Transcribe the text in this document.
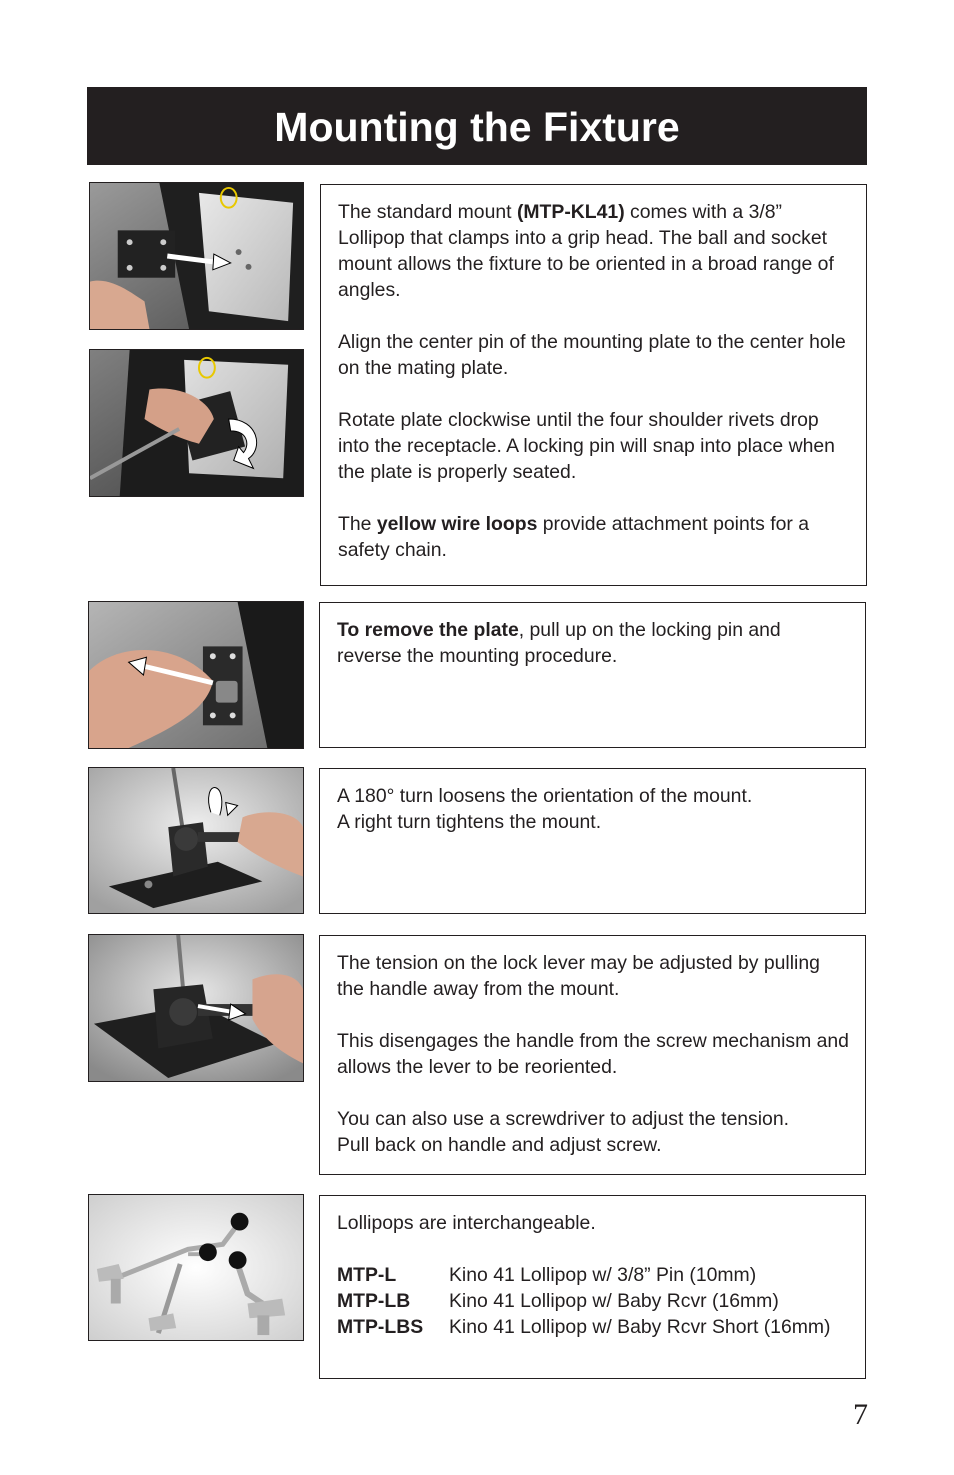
Mounting the Fixture

The standard mount (MTP-KL41) comes with a 3/8” Lollipop that clamps into a grip head. The ball and socket mount allows the fixture to be oriented in a broad range of angles.

Align the center pin of the mounting plate to the center hole on the mating plate.

Rotate plate clockwise until the four shoulder rivets drop into the receptacle. A locking pin will snap into place when the plate is properly seated.

The yellow wire loops provide attachment points for a safety chain.

To remove the plate, pull up on the locking pin and reverse the mounting procedure.

A 180° turn loosens the orientation of the mount.
A right turn tightens the mount.

The tension on the lock lever may be adjusted by pulling the handle away from the mount.

This disengages the handle from the screw mechanism and allows the lever to be reoriented.

You can also use a screwdriver to adjust the tension.
Pull back on handle and adjust screw.

Lollipops are interchangeable.

MTP-L	Kino 41 Lollipop w/ 3/8” Pin (10mm)
MTP-LB	Kino 41 Lollipop w/ Baby Rcvr (16mm)
MTP-LBS	Kino 41 Lollipop w/ Baby Rcvr Short (16mm)
7
